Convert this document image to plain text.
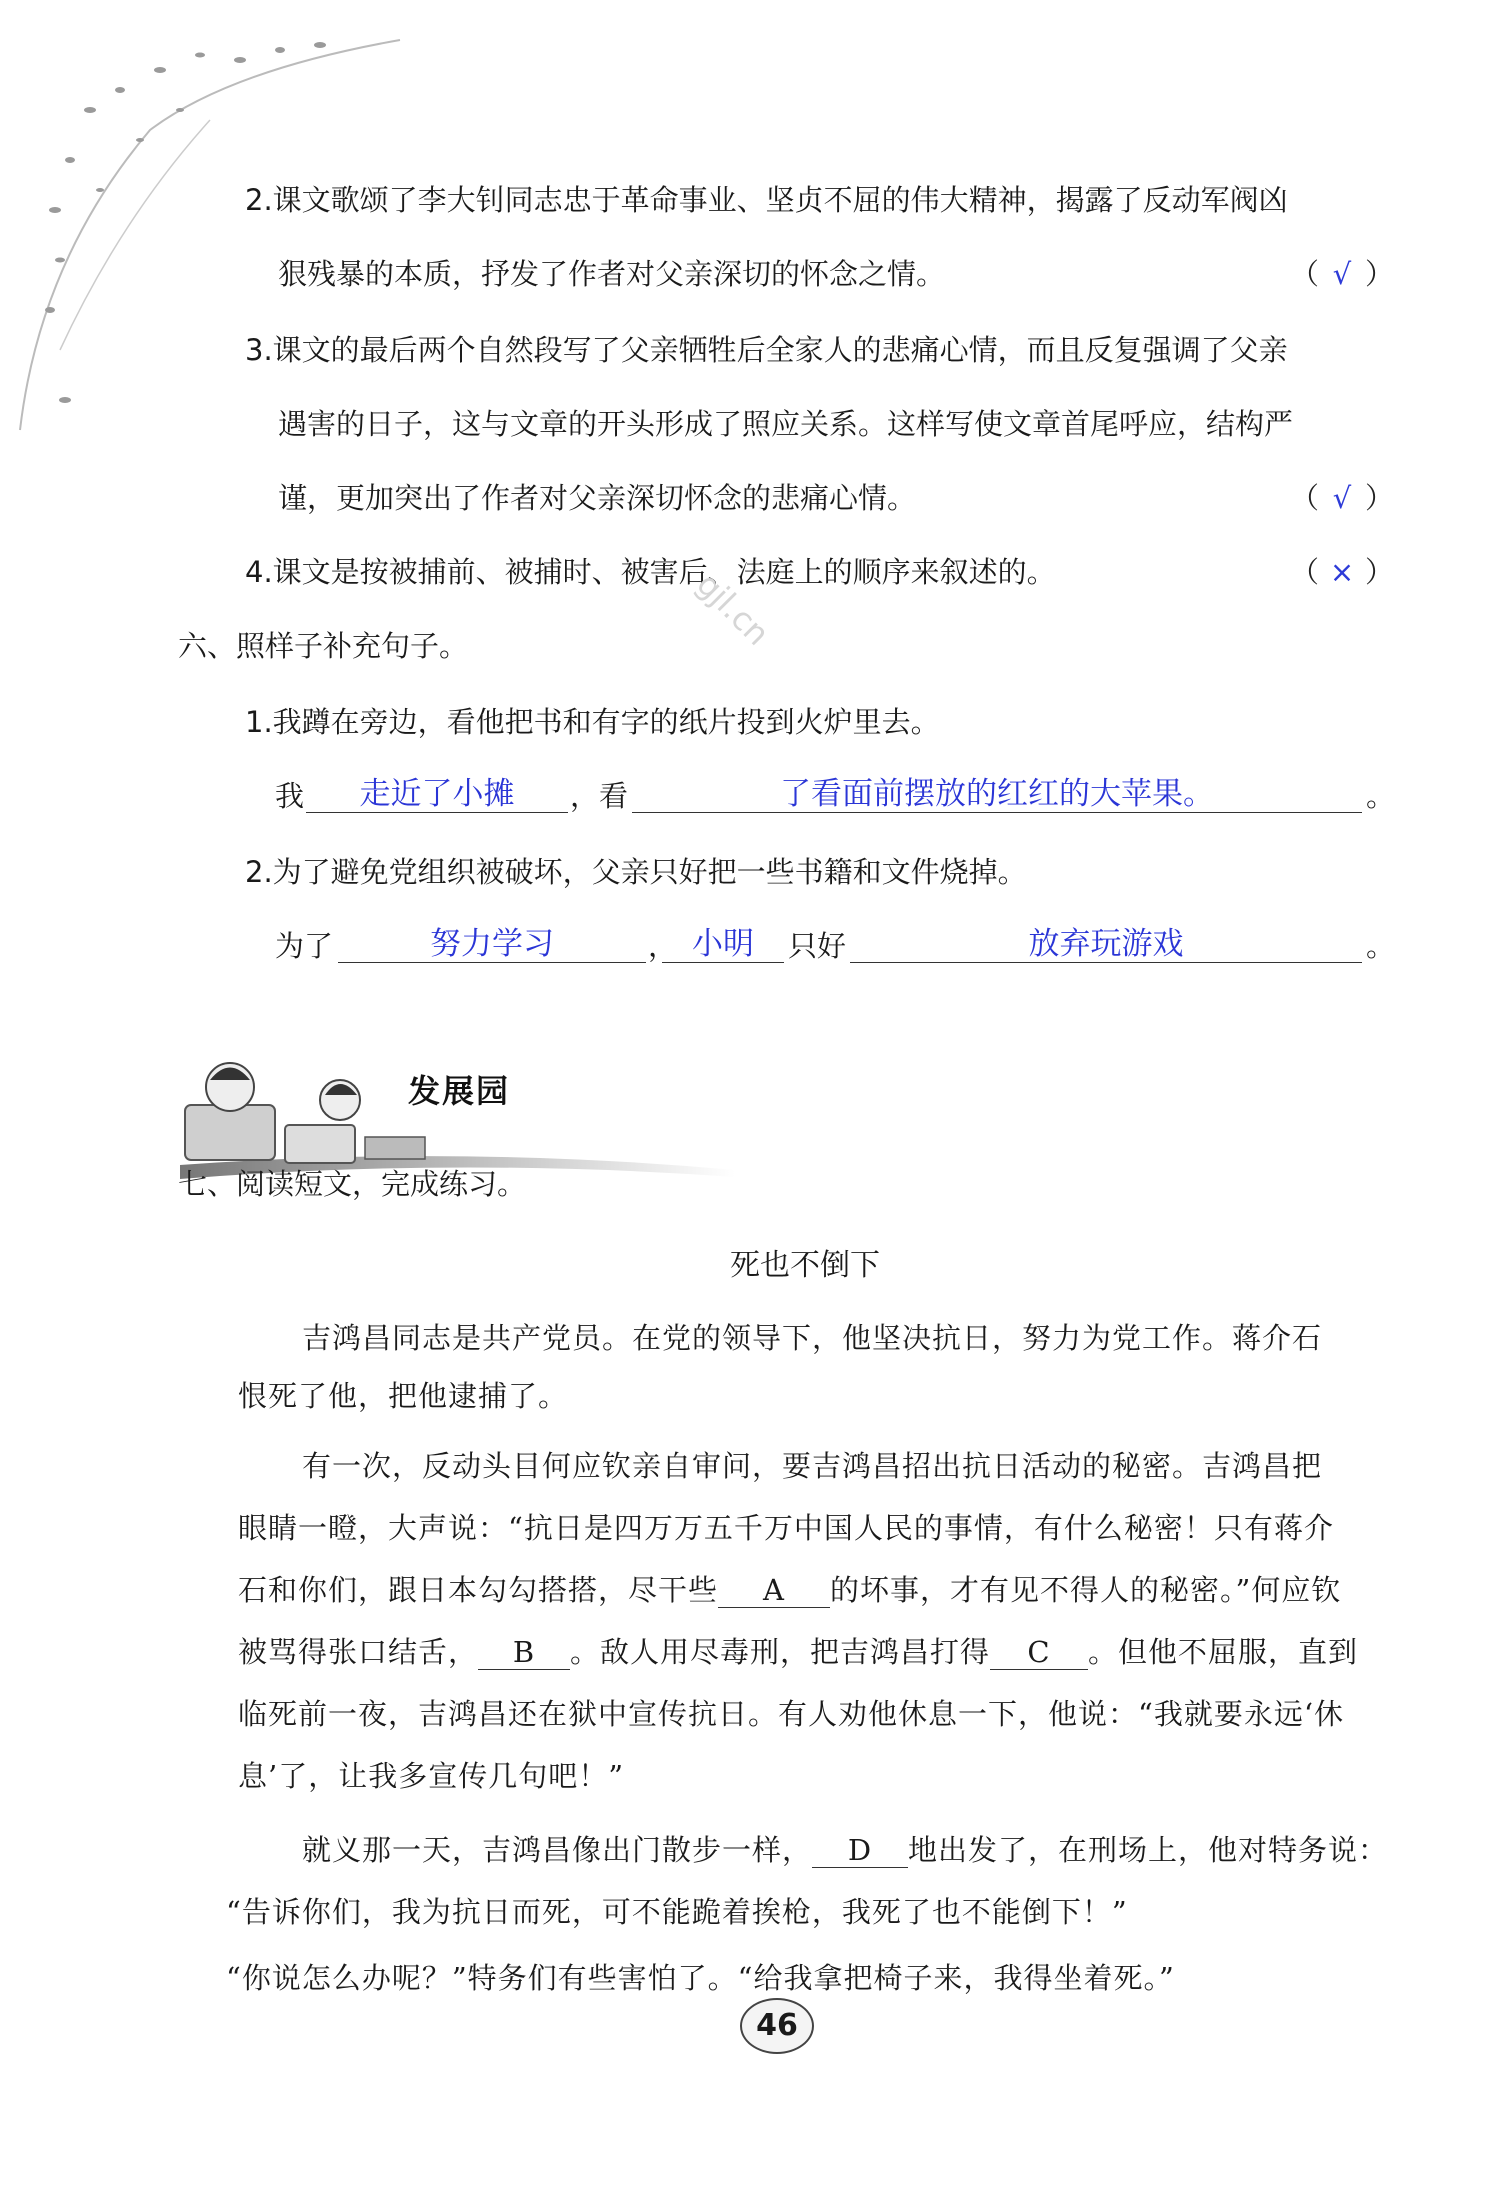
2.课文歌颂了李大钊同志忠于革命事业、坚贞不屈的伟大精神，揭露了反动军阀凶
狠残暴的本质，抒发了作者对父亲深切的怀念之情。	（ √ ）
3.课文的最后两个自然段写了父亲牺牲后全家人的悲痛心情，而且反复强调了父亲
遇害的日子，这与文章的开头形成了照应关系。这样写使文章首尾呼应，结构严
谨，更加突出了作者对父亲深切怀念的悲痛心情。	（ √ ）
4.课文是按被捕前、被捕时、被害后、法庭上的顺序来叙述的。	（ × ）
gjl.cn
六、照样子补充句子。
1.我蹲在旁边，看他把书和有字的纸片投到火炉里去。
我	走近了小摊	，看	了看面前摆放的红红的大苹果。	。
2.为了避免党组织被破坏，父亲只好把一些书籍和文件烧掉。
为了	努力学习	， 小明	只好	放弃玩游戏	。
发展园
七、阅读短文，完成练习。
死也不倒下
吉鸿昌同志是共产党员。在党的领导下，他坚决抗日，努力为党工作。蒋介石
恨死了他，把他逮捕了。
有一次，反动头目何应钦亲自审问，要吉鸿昌招出抗日活动的秘密。吉鸿昌把
眼睛一瞪，大声说：“抗日是四万万五千万中国人民的事情，有什么秘密！只有蒋介
石和你们，跟日本勾勾搭搭，尽干些 A 的坏事，才有见不得人的秘密。”何应钦
被骂得张口结舌， B 。敌人用尽毒刑，把吉鸿昌打得 C 。但他不屈服，直到
临死前一夜，吉鸿昌还在狱中宣传抗日。有人劝他休息一下，他说：“我就要永远‘休
息’了，让我多宣传几句吧！”
就义那一天，吉鸿昌像出门散步一样， D 地出发了，在刑场上，他对特务说：
“告诉你们，我为抗日而死，可不能跪着挨枪，我死了也不能倒下！”
“你说怎么办呢？”特务们有些害怕了。“给我拿把椅子来，我得坐着死。”
46
